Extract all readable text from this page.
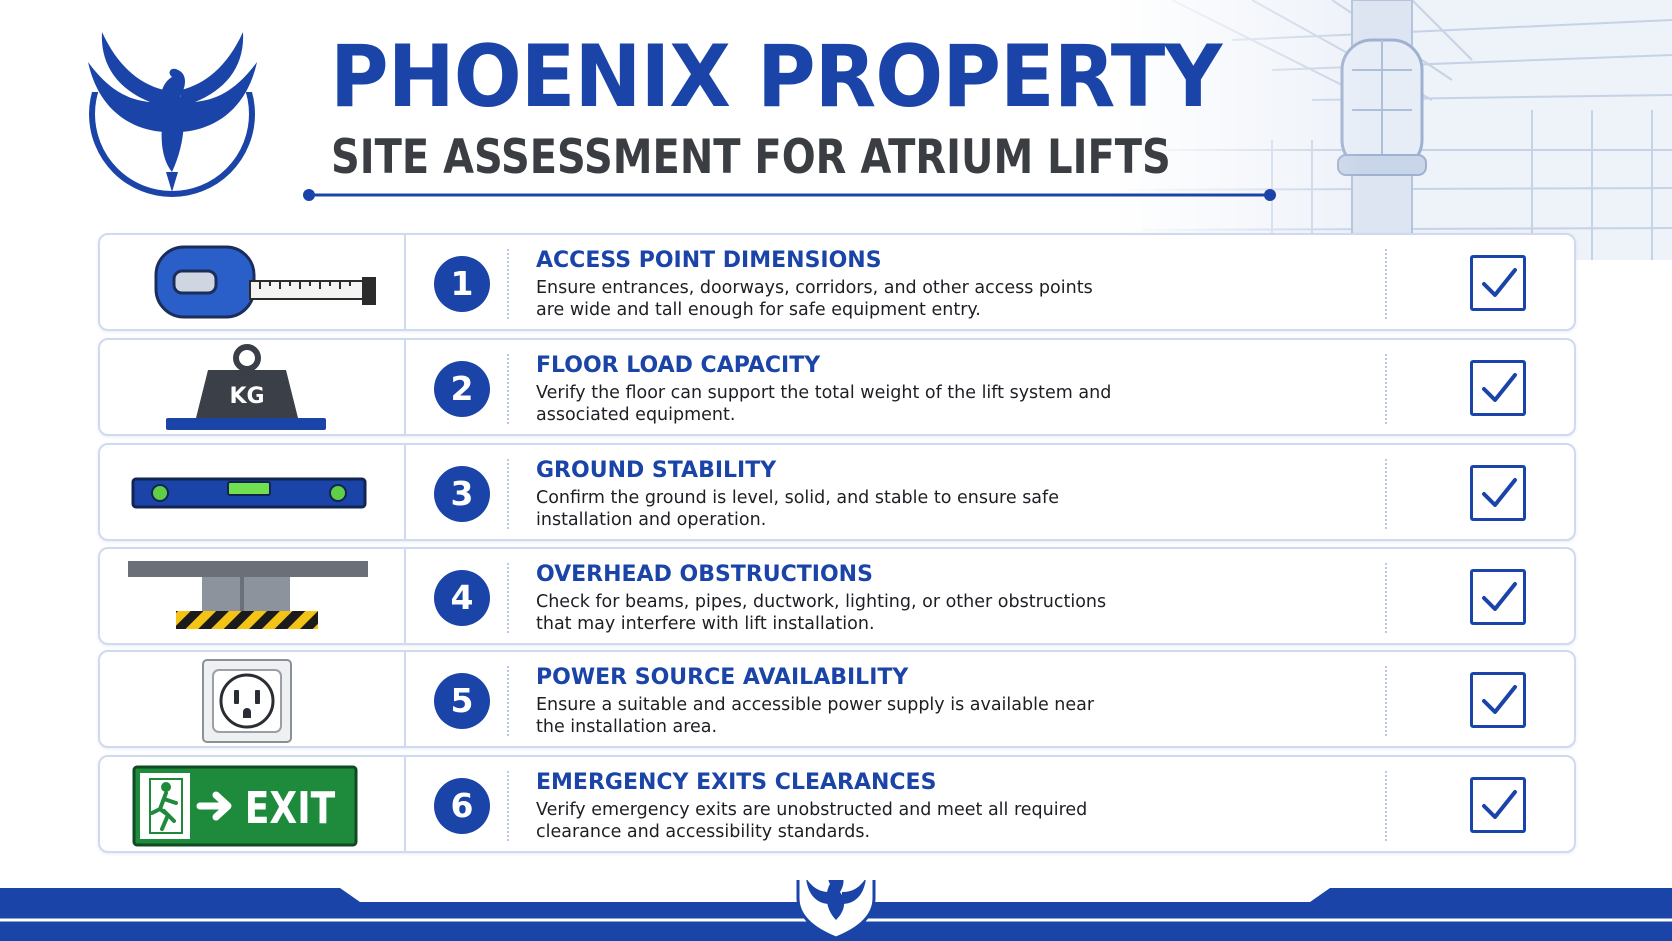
PHOENIX PROPERTY
SITE ASSESSMENT FOR ATRIUM LIFTS
1

ACCESS POINT DIMENSIONS

Ensure entrances, doorways, corridors, and other access points are wide and tall enough for safe equipment entry.

KG	2

FLOOR LOAD CAPACITY

Verify the floor can support the total weight of the lift system and associated equipment.

3

GROUND STABILITY

Confirm the ground is level, solid, and stable to ensure safe installation and operation.

4

OVERHEAD OBSTRUCTIONS

Check for beams, pipes, ductwork, lighting, or other obstructions that may interfere with lift installation.

5

POWER SOURCE AVAILABILITY

Ensure a suitable and accessible power supply is available near the installation area.

EXIT	6

EMERGENCY EXITS CLEARANCES

Verify emergency exits are unobstructed and meet all required clearance and accessibility standards.
